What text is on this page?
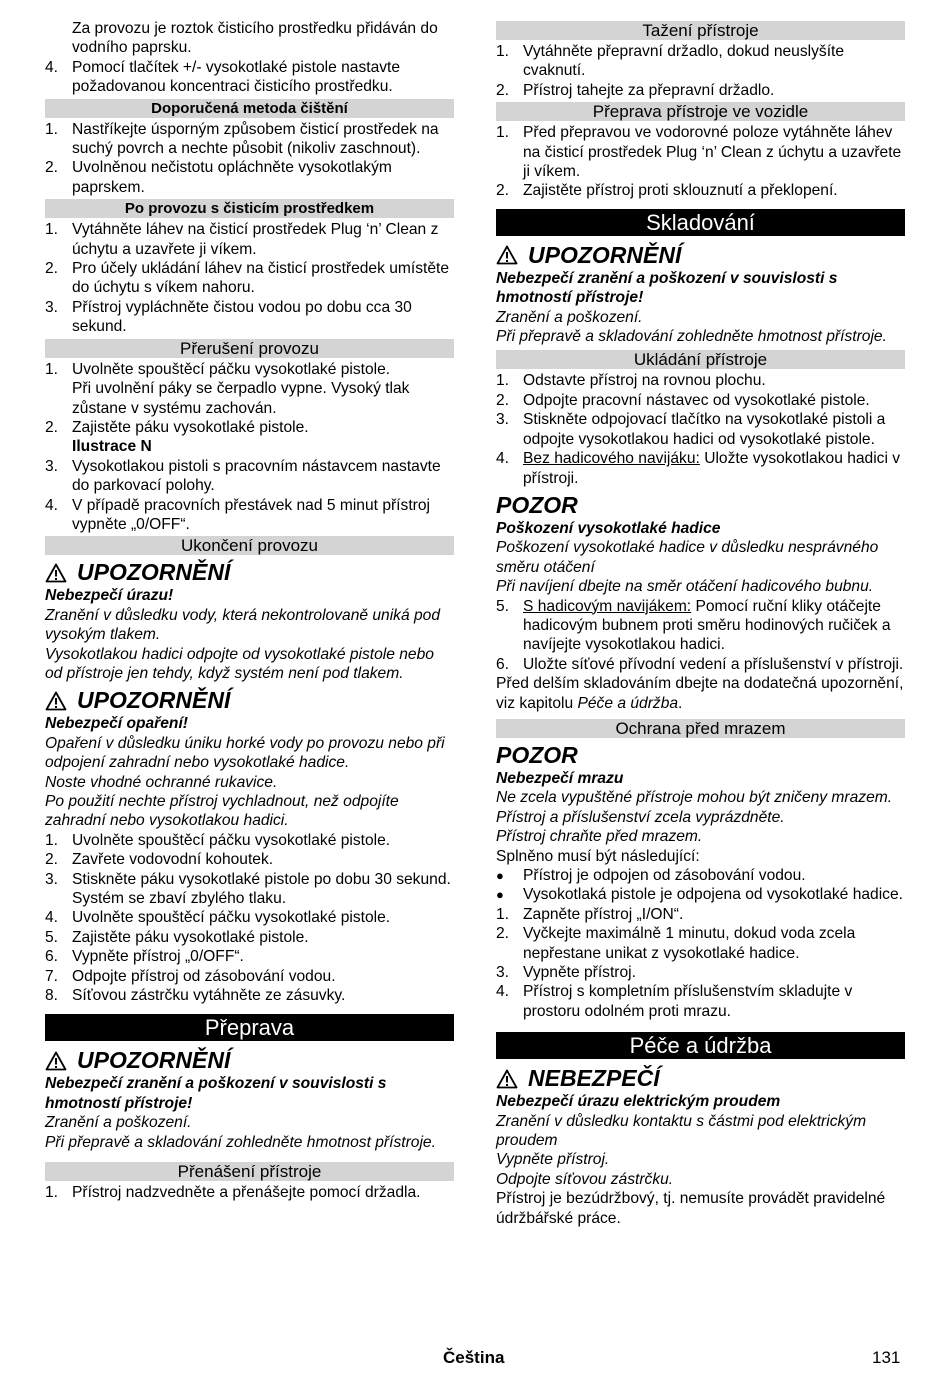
Za provozu je roztok čisticího prostředku přidáván do vodního paprsku.
4. Pomocí tlačítek +/- vysokotlaké pistole nastavte požadovanou koncentraci čisticího prostředku.
Doporučená metoda čištění
1. Nastříkejte úsporným způsobem čisticí prostředek na suchý povrch a nechte působit (nikoliv zaschnout).
2. Uvolněnou nečistotu opláchněte vysokotlakým paprskem.
Po provozu s čisticím prostředkem
1. Vytáhněte láhev na čisticí prostředek Plug ‘n’ Clean z úchytu a uzavřete ji víkem.
2. Pro účely ukládání láhev na čisticí prostředek umístěte do úchytu s víkem nahoru.
3. Přístroj vypláchněte čistou vodou po dobu cca 30 sekund.
Přerušení provozu
1. Uvolněte spouštěcí páčku vysokotlaké pistole.
Při uvolnění páky se čerpadlo vypne. Vysoký tlak zůstane v systému zachován.
2. Zajistěte páku vysokotlaké pistole.
Ilustrace N
3. Vysokotlakou pistoli s pracovním nástavcem nastavte do parkovací polohy.
4. V případě pracovních přestávek nad 5 minut přístroj vypněte „0/OFF“.
Ukončení provozu
UPOZORNĚNÍ
Nebezpečí úrazu!
Zranění v důsledku vody, která nekontrolovaně uniká pod vysokým tlakem.
Vysokotlakou hadici odpojte od vysokotlaké pistole nebo od přístroje jen tehdy, když systém není pod tlakem.
UPOZORNĚNÍ
Nebezpečí opaření!
Opaření v důsledku úniku horké vody po provozu nebo při odpojení zahradní nebo vysokotlaké hadice.
Noste vhodné ochranné rukavice.
Po použití nechte přístroj vychladnout, než odpojíte zahradní nebo vysokotlakou hadici.
1. Uvolněte spouštěcí páčku vysokotlaké pistole.
2. Zavřete vodovodní kohoutek.
3. Stiskněte páku vysokotlaké pistole po dobu 30 sekund.
Systém se zbaví zbylého tlaku.
4. Uvolněte spouštěcí páčku vysokotlaké pistole.
5. Zajistěte páku vysokotlaké pistole.
6. Vypněte přístroj „0/OFF“.
7. Odpojte přístroj od zásobování vodou.
8. Síťovou zástrčku vytáhněte ze zásuvky.
Přeprava
UPOZORNĚNÍ
Nebezpečí zranění a poškození v souvislosti s hmotností přístroje!
Zranění a poškození.
Při přepravě a skladování zohledněte hmotnost přístroje.
Přenášení přístroje
1. Přístroj nadzvedněte a přenášejte pomocí držadla.
Tažení přístroje
1. Vytáhněte přepravní držadlo, dokud neuslyšíte cvaknutí.
2. Přístroj tahejte za přepravní držadlo.
Přeprava přístroje ve vozidle
1. Před přepravou ve vodorovné poloze vytáhněte láhev na čisticí prostředek Plug ‘n’ Clean z úchytu a uzavřete ji víkem.
2. Zajistěte přístroj proti sklouznutí a překlopení.
Skladování
UPOZORNĚNÍ
Nebezpečí zranění a poškození v souvislosti s hmotností přístroje!
Zranění a poškození.
Při přepravě a skladování zohledněte hmotnost přístroje.
Ukládání přístroje
1. Odstavte přístroj na rovnou plochu.
2. Odpojte pracovní nástavec od vysokotlaké pistole.
3. Stiskněte odpojovací tlačítko na vysokotlaké pistoli a odpojte vysokotlakou hadici od vysokotlaké pistole.
4. Bez hadicového navijáku: Uložte vysokotlakou hadici v přístroji.
POZOR
Poškození vysokotlaké hadice
Poškození vysokotlaké hadice v důsledku nesprávného směru otáčení
Při navíjení dbejte na směr otáčení hadicového bubnu.
5. S hadicovým navijákem: Pomocí ruční kliky otáčejte hadicovým bubnem proti směru hodinových ručiček a navíjejte vysokotlakou hadici.
6. Uložte síťové přívodní vedení a příslušenství v přístroji.
Před delším skladováním dbejte na dodatečná upozornění, viz kapitolu Péče a údržba.
Ochrana před mrazem
POZOR
Nebezpečí mrazu
Ne zcela vypuštěné přístroje mohou být zničeny mrazem.
Přístroj a příslušenství zcela vyprázdněte.
Přístroj chraňte před mrazem.
Splněno musí být následující:
●	Přístroj je odpojen od zásobování vodou.
●	Vysokotlaká pistole je odpojena od vysokotlaké hadice.
1. Zapněte přístroj „I/ON“.
2. Vyčkejte maximálně 1 minutu, dokud voda zcela nepřestane unikat z vysokotlaké hadice.
3. Vypněte přístroj.
4. Přístroj s kompletním příslušenstvím skladujte v prostoru odolném proti mrazu.
Péče a údržba
NEBEZPEČÍ
Nebezpečí úrazu elektrickým proudem
Zranění v důsledku kontaktu s částmi pod elektrickým proudem
Vypněte přístroj.
Odpojte síťovou zástrčku.
Přístroj je bezúdržbový, tj. nemusíte provádět pravidelné údržbářské práce.
Čeština	131
